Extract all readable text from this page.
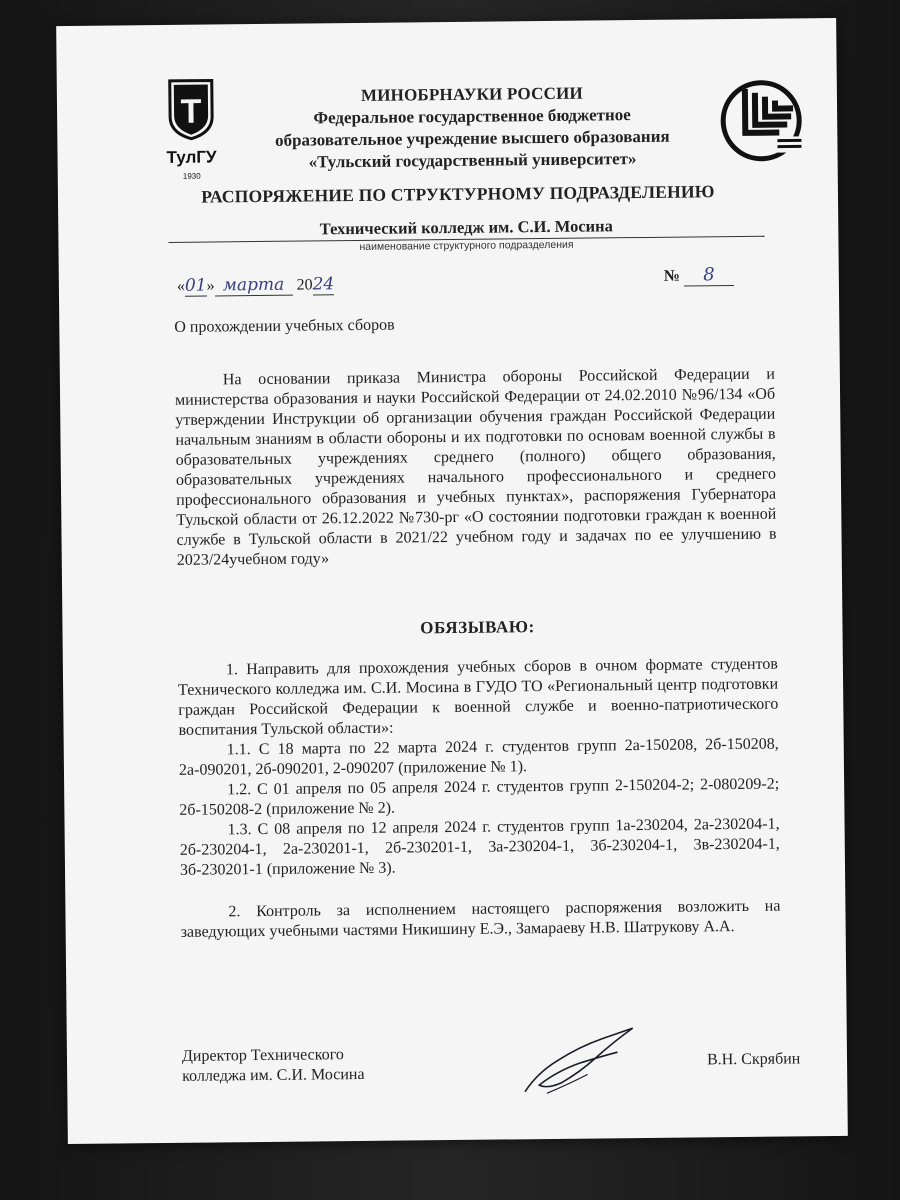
Т
ТулГУ
1930
МИНОБРНАУКИ РОССИИ
Федеральное государственное бюджетное
образовательное учреждение высшего образования
«Тульский государственный университет»
РАСПОРЯЖЕНИЕ ПО СТРУКТУРНОМУ ПОДРАЗДЕЛЕНИЮ
Технический колледж им. С.И. Мосина
наименование структурного подразделения
«01» марта 2024	№ 8
О прохождении учебных сборов

На основании приказа Министра обороны Российской Федерации и министерства образования и науки Российской Федерации от 24.02.2010 №96/134 «Об утверждении Инструкции об организации обучения граждан Российской Федерации начальным знаниям в области обороны и их подготовки по основам военной службы в образовательных учреждениях среднего (полного) общего образования, образовательных учреждениях начального профессионального и среднего профессионального образования и учебных пунктах», распоряжения Губернатора Тульской области от 26.12.2022 №730-рг «О состоянии подготовки граждан к военной службе в Тульской области в 2021/22 учебном году и задачах по ее улучшению в 2023/24учебном году»

ОБЯЗЫВАЮ:

1. Направить для прохождения учебных сборов в очном формате студентов Технического колледжа им. С.И. Мосина в ГУДО ТО «Региональный центр подготовки граждан Российской Федерации к военной службе и военно-патриотического воспитания Тульской области»:

1.1. С 18 марта по 22 марта 2024 г. студентов групп 2а-150208, 2б-150208, 2а-090201, 2б-090201, 2-090207 (приложение № 1).

1.2. С 01 апреля по 05 апреля 2024 г. студентов групп 2-150204-2; 2-080209-2; 2б-150208-2 (приложение № 2).

1.3. С 08 апреля по 12 апреля 2024 г. студентов групп 1а-230204, 2а-230204-1, 2б-230204-1, 2а-230201-1, 2б-230201-1, 3а-230204-1, 3б-230204-1, 3в-230204-1, 3б-230201-1 (приложение № 3).

2. Контроль за исполнением настоящего распоряжения возложить на заведующих учебными частями Никишину Е.Э., Замараеву Н.В. Шатрукову А.А.

Директор Технического
колледжа им. С.И. Мосина
В.Н. Скрябин
